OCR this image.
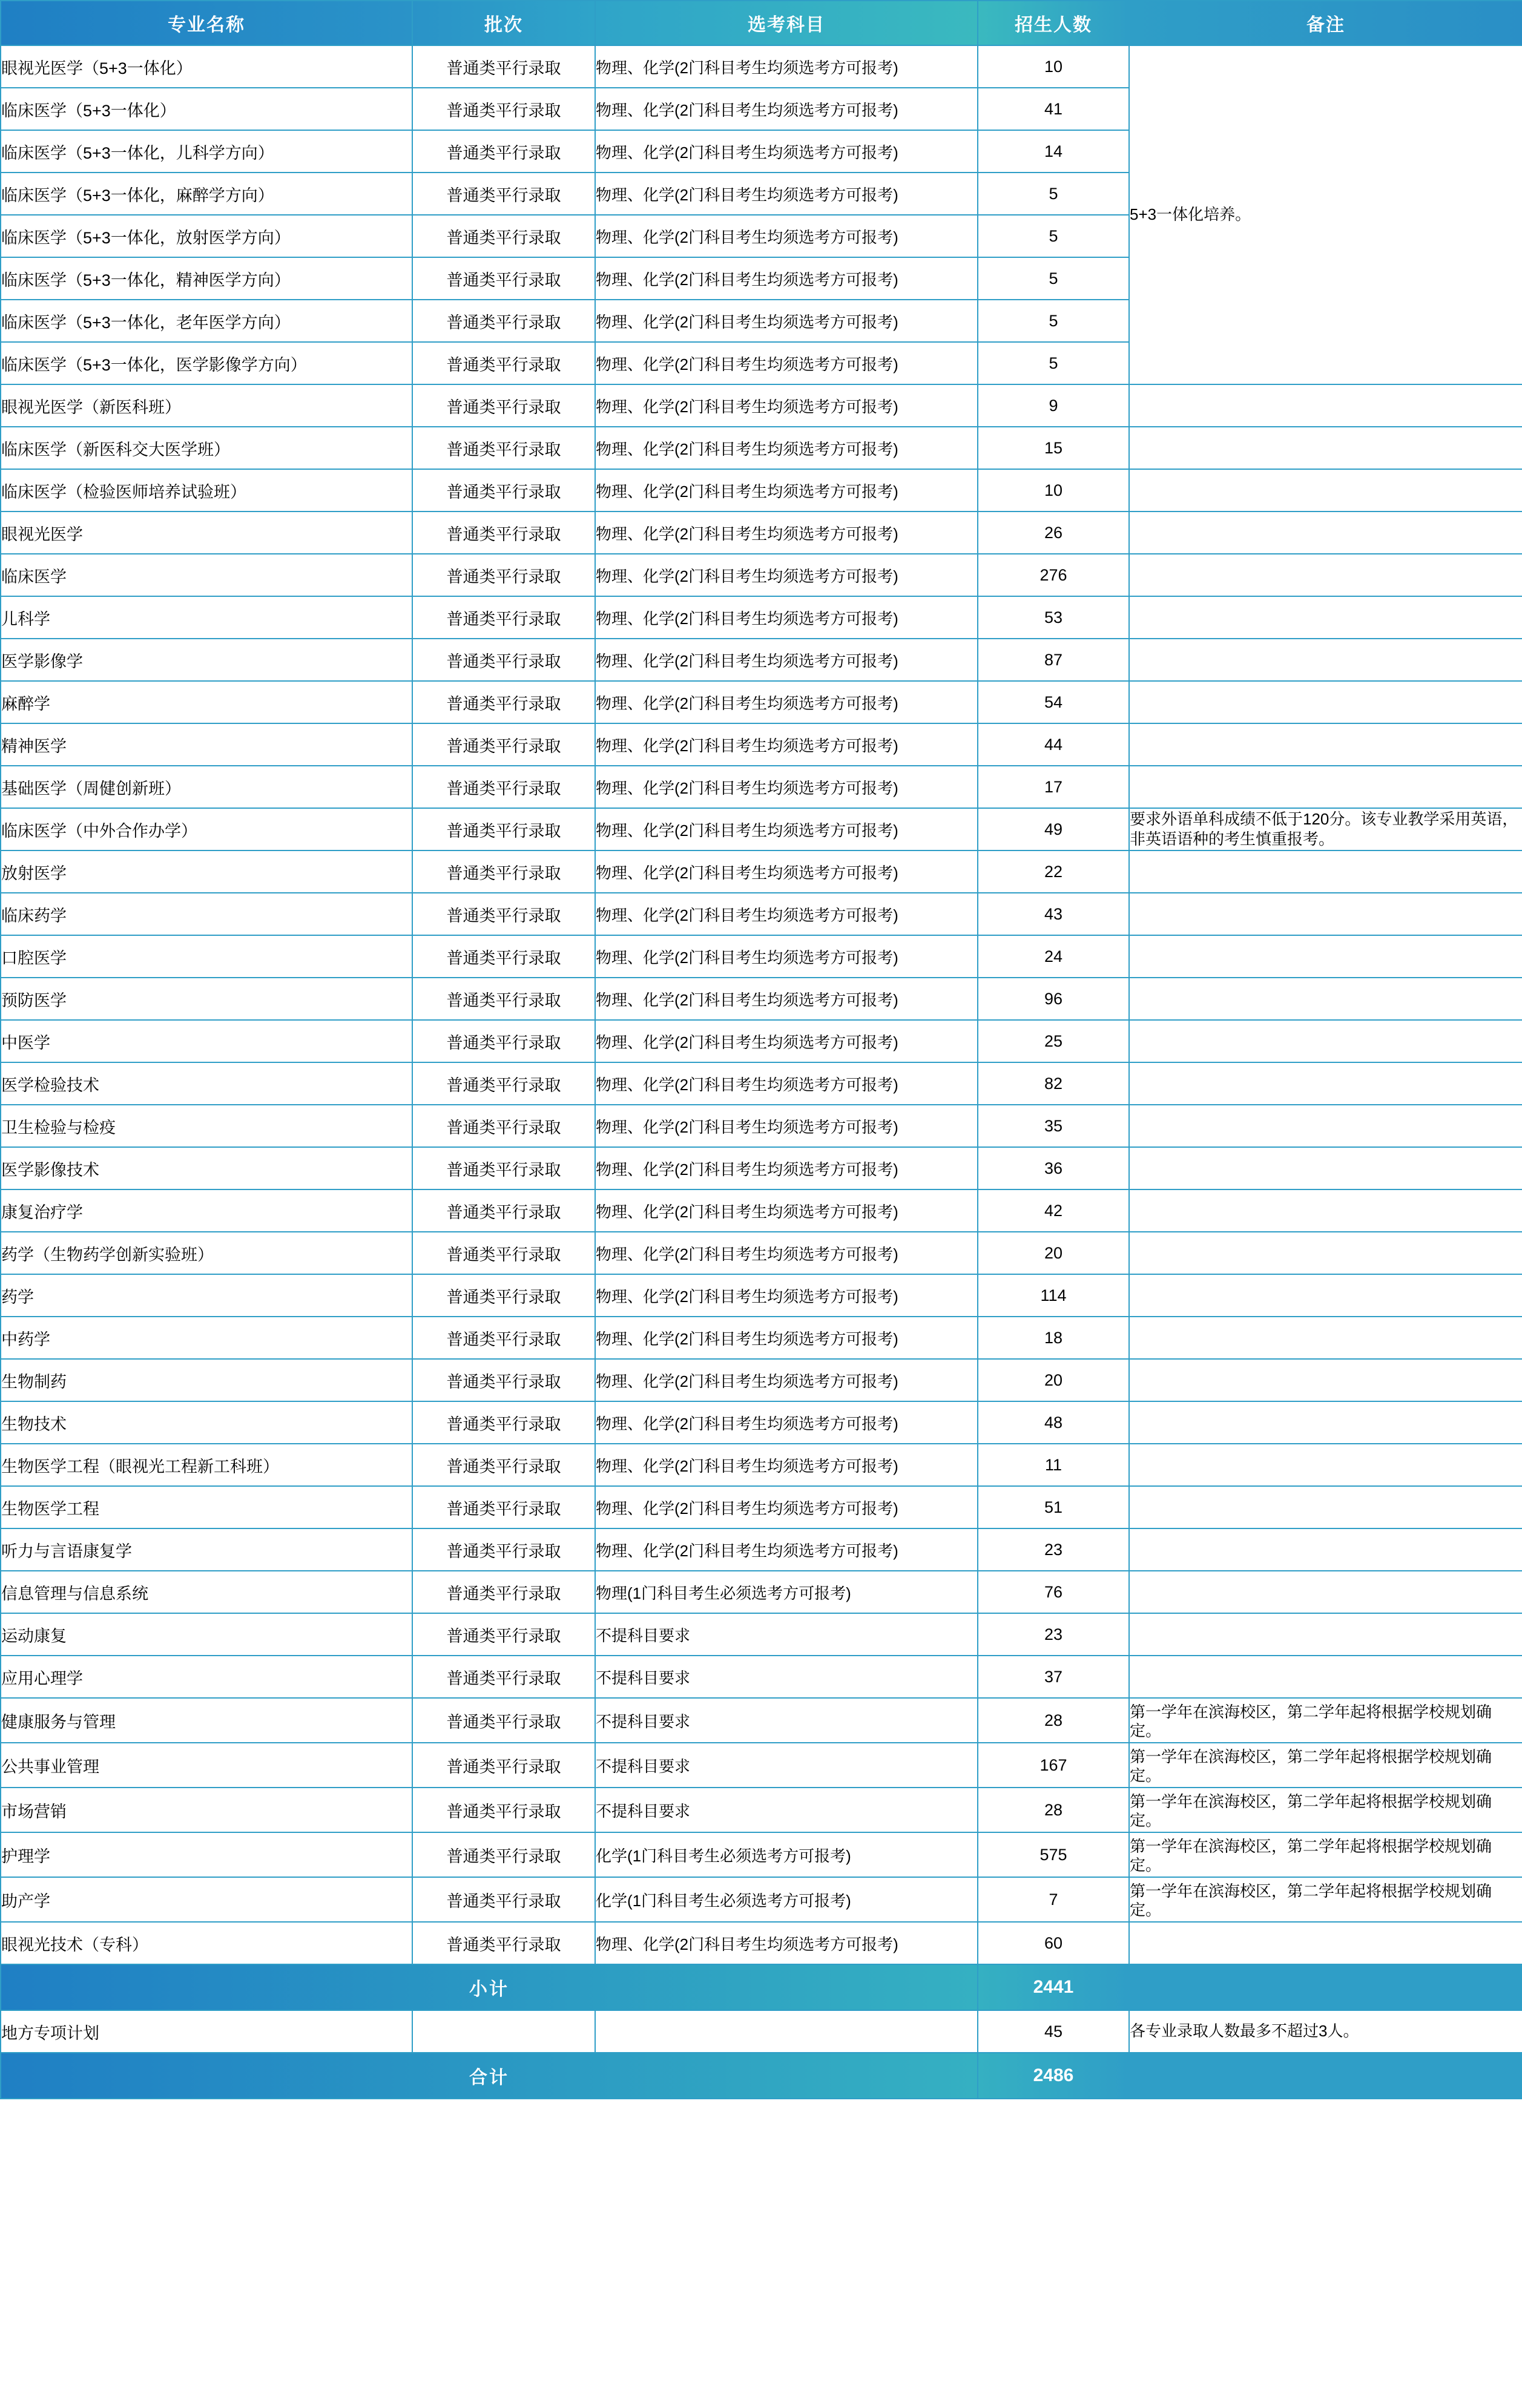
专业名称	批次	选考科目	招生人数	备注
眼视光医学（5+3一体化）	普通类平行录取	物理、化学(2门科目考生均须选考方可报考)	10	5+3一体化培养。
临床医学（5+3一体化）	普通类平行录取	物理、化学(2门科目考生均须选考方可报考)	41	
临床医学（5+3一体化，儿科学方向）	普通类平行录取	物理、化学(2门科目考生均须选考方可报考)	14	
临床医学（5+3一体化，麻醉学方向）	普通类平行录取	物理、化学(2门科目考生均须选考方可报考)	5	
临床医学（5+3一体化，放射医学方向）	普通类平行录取	物理、化学(2门科目考生均须选考方可报考)	5	
临床医学（5+3一体化，精神医学方向）	普通类平行录取	物理、化学(2门科目考生均须选考方可报考)	5	
临床医学（5+3一体化，老年医学方向）	普通类平行录取	物理、化学(2门科目考生均须选考方可报考)	5	
临床医学（5+3一体化，医学影像学方向）	普通类平行录取	物理、化学(2门科目考生均须选考方可报考)	5	
眼视光医学（新医科班）	普通类平行录取	物理、化学(2门科目考生均须选考方可报考)	9	
临床医学（新医科交大医学班）	普通类平行录取	物理、化学(2门科目考生均须选考方可报考)	15	
临床医学（检验医师培养试验班）	普通类平行录取	物理、化学(2门科目考生均须选考方可报考)	10	
眼视光医学	普通类平行录取	物理、化学(2门科目考生均须选考方可报考)	26	
临床医学	普通类平行录取	物理、化学(2门科目考生均须选考方可报考)	276	
儿科学	普通类平行录取	物理、化学(2门科目考生均须选考方可报考)	53	
医学影像学	普通类平行录取	物理、化学(2门科目考生均须选考方可报考)	87	
麻醉学	普通类平行录取	物理、化学(2门科目考生均须选考方可报考)	54	
精神医学	普通类平行录取	物理、化学(2门科目考生均须选考方可报考)	44	
基础医学（周健创新班）	普通类平行录取	物理、化学(2门科目考生均须选考方可报考)	17	
临床医学（中外合作办学）	普通类平行录取	物理、化学(2门科目考生均须选考方可报考)	49	要求外语单科成绩不低于120分。该专业教学采用英语，非英语语种的考生慎重报考。
放射医学	普通类平行录取	物理、化学(2门科目考生均须选考方可报考)	22	
临床药学	普通类平行录取	物理、化学(2门科目考生均须选考方可报考)	43	
口腔医学	普通类平行录取	物理、化学(2门科目考生均须选考方可报考)	24	
预防医学	普通类平行录取	物理、化学(2门科目考生均须选考方可报考)	96	
中医学	普通类平行录取	物理、化学(2门科目考生均须选考方可报考)	25	
医学检验技术	普通类平行录取	物理、化学(2门科目考生均须选考方可报考)	82	
卫生检验与检疫	普通类平行录取	物理、化学(2门科目考生均须选考方可报考)	35	
医学影像技术	普通类平行录取	物理、化学(2门科目考生均须选考方可报考)	36	
康复治疗学	普通类平行录取	物理、化学(2门科目考生均须选考方可报考)	42	
药学（生物药学创新实验班）	普通类平行录取	物理、化学(2门科目考生均须选考方可报考)	20	
药学	普通类平行录取	物理、化学(2门科目考生均须选考方可报考)	114	
中药学	普通类平行录取	物理、化学(2门科目考生均须选考方可报考)	18	
生物制药	普通类平行录取	物理、化学(2门科目考生均须选考方可报考)	20	
生物技术	普通类平行录取	物理、化学(2门科目考生均须选考方可报考)	48	
生物医学工程（眼视光工程新工科班）	普通类平行录取	物理、化学(2门科目考生均须选考方可报考)	11	
生物医学工程	普通类平行录取	物理、化学(2门科目考生均须选考方可报考)	51	
听力与言语康复学	普通类平行录取	物理、化学(2门科目考生均须选考方可报考)	23	
信息管理与信息系统	普通类平行录取	物理(1门科目考生必须选考方可报考)	76	
运动康复	普通类平行录取	不提科目要求	23	
应用心理学	普通类平行录取	不提科目要求	37	
健康服务与管理	普通类平行录取	不提科目要求	28	第一学年在滨海校区，第二学年起将根据学校规划确定。
公共事业管理	普通类平行录取	不提科目要求	167	第一学年在滨海校区，第二学年起将根据学校规划确定。
市场营销	普通类平行录取	不提科目要求	28	第一学年在滨海校区，第二学年起将根据学校规划确定。
护理学	普通类平行录取	化学(1门科目考生必须选考方可报考)	575	第一学年在滨海校区，第二学年起将根据学校规划确定。
助产学	普通类平行录取	化学(1门科目考生必须选考方可报考)	7	第一学年在滨海校区，第二学年起将根据学校规划确定。
眼视光技术（专科）	普通类平行录取	物理、化学(2门科目考生均须选考方可报考)	60	
小计			2441	
地方专项计划			45	各专业录取人数最多不超过3人。
合计			2486	
